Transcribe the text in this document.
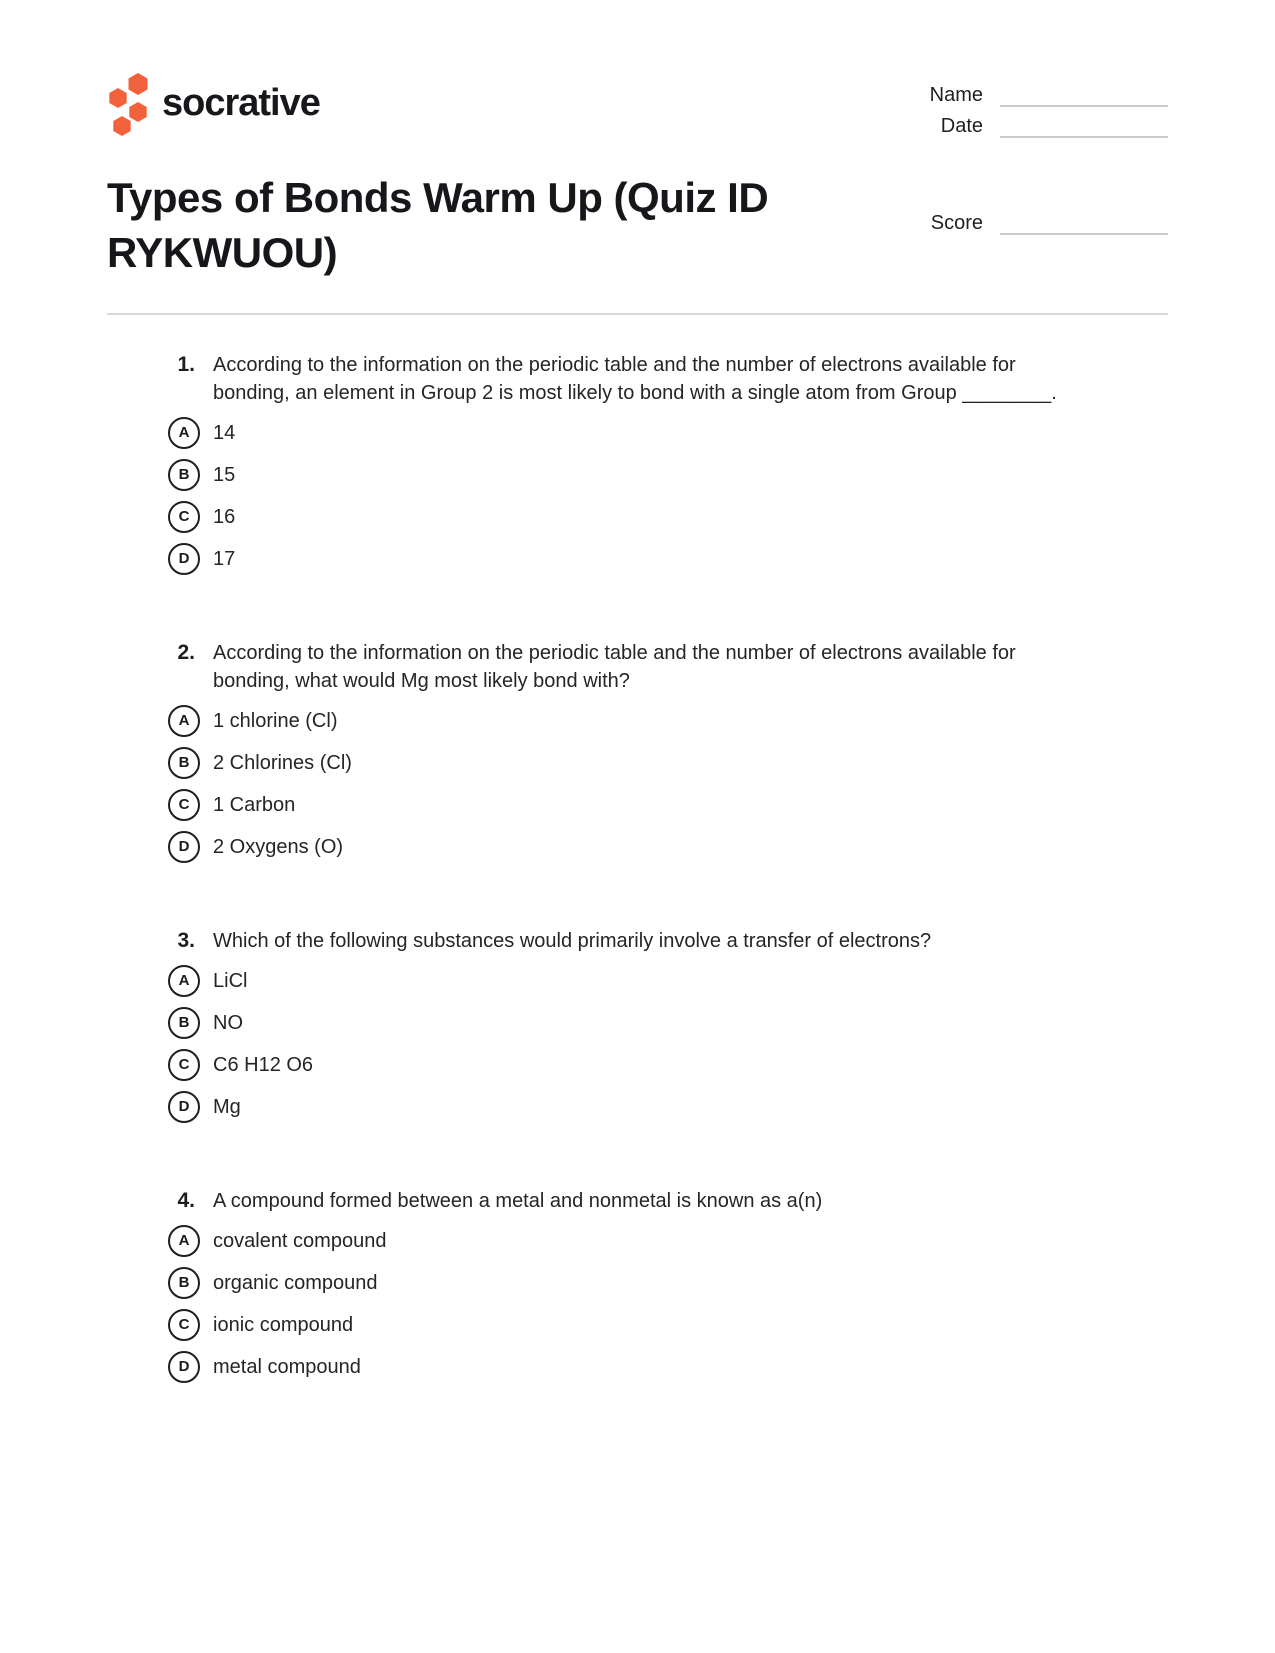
socrative	Name
Date
Types of Bonds Warm Up (Quiz ID RYKWUOU)
Score
1. According to the information on the periodic table and the number of electrons available for bonding, an element in Group 2 is most likely to bond with a single atom from Group ________.
A	14
B	15
C	16
D	17
2. According to the information on the periodic table and the number of electrons available for bonding, what would Mg most likely bond with?
A	1 chlorine (Cl)
B	2 Chlorines (Cl)
C	1 Carbon
D	2 Oxygens (O)
3. Which of the following substances would primarily involve a transfer of electrons?
A	LiCl
B	NO
C	C6 H12 O6
D	Mg
4. A compound formed between a metal and nonmetal is known as a(n)
A	covalent compound
B	organic compound
C	ionic compound
D	metal compound
